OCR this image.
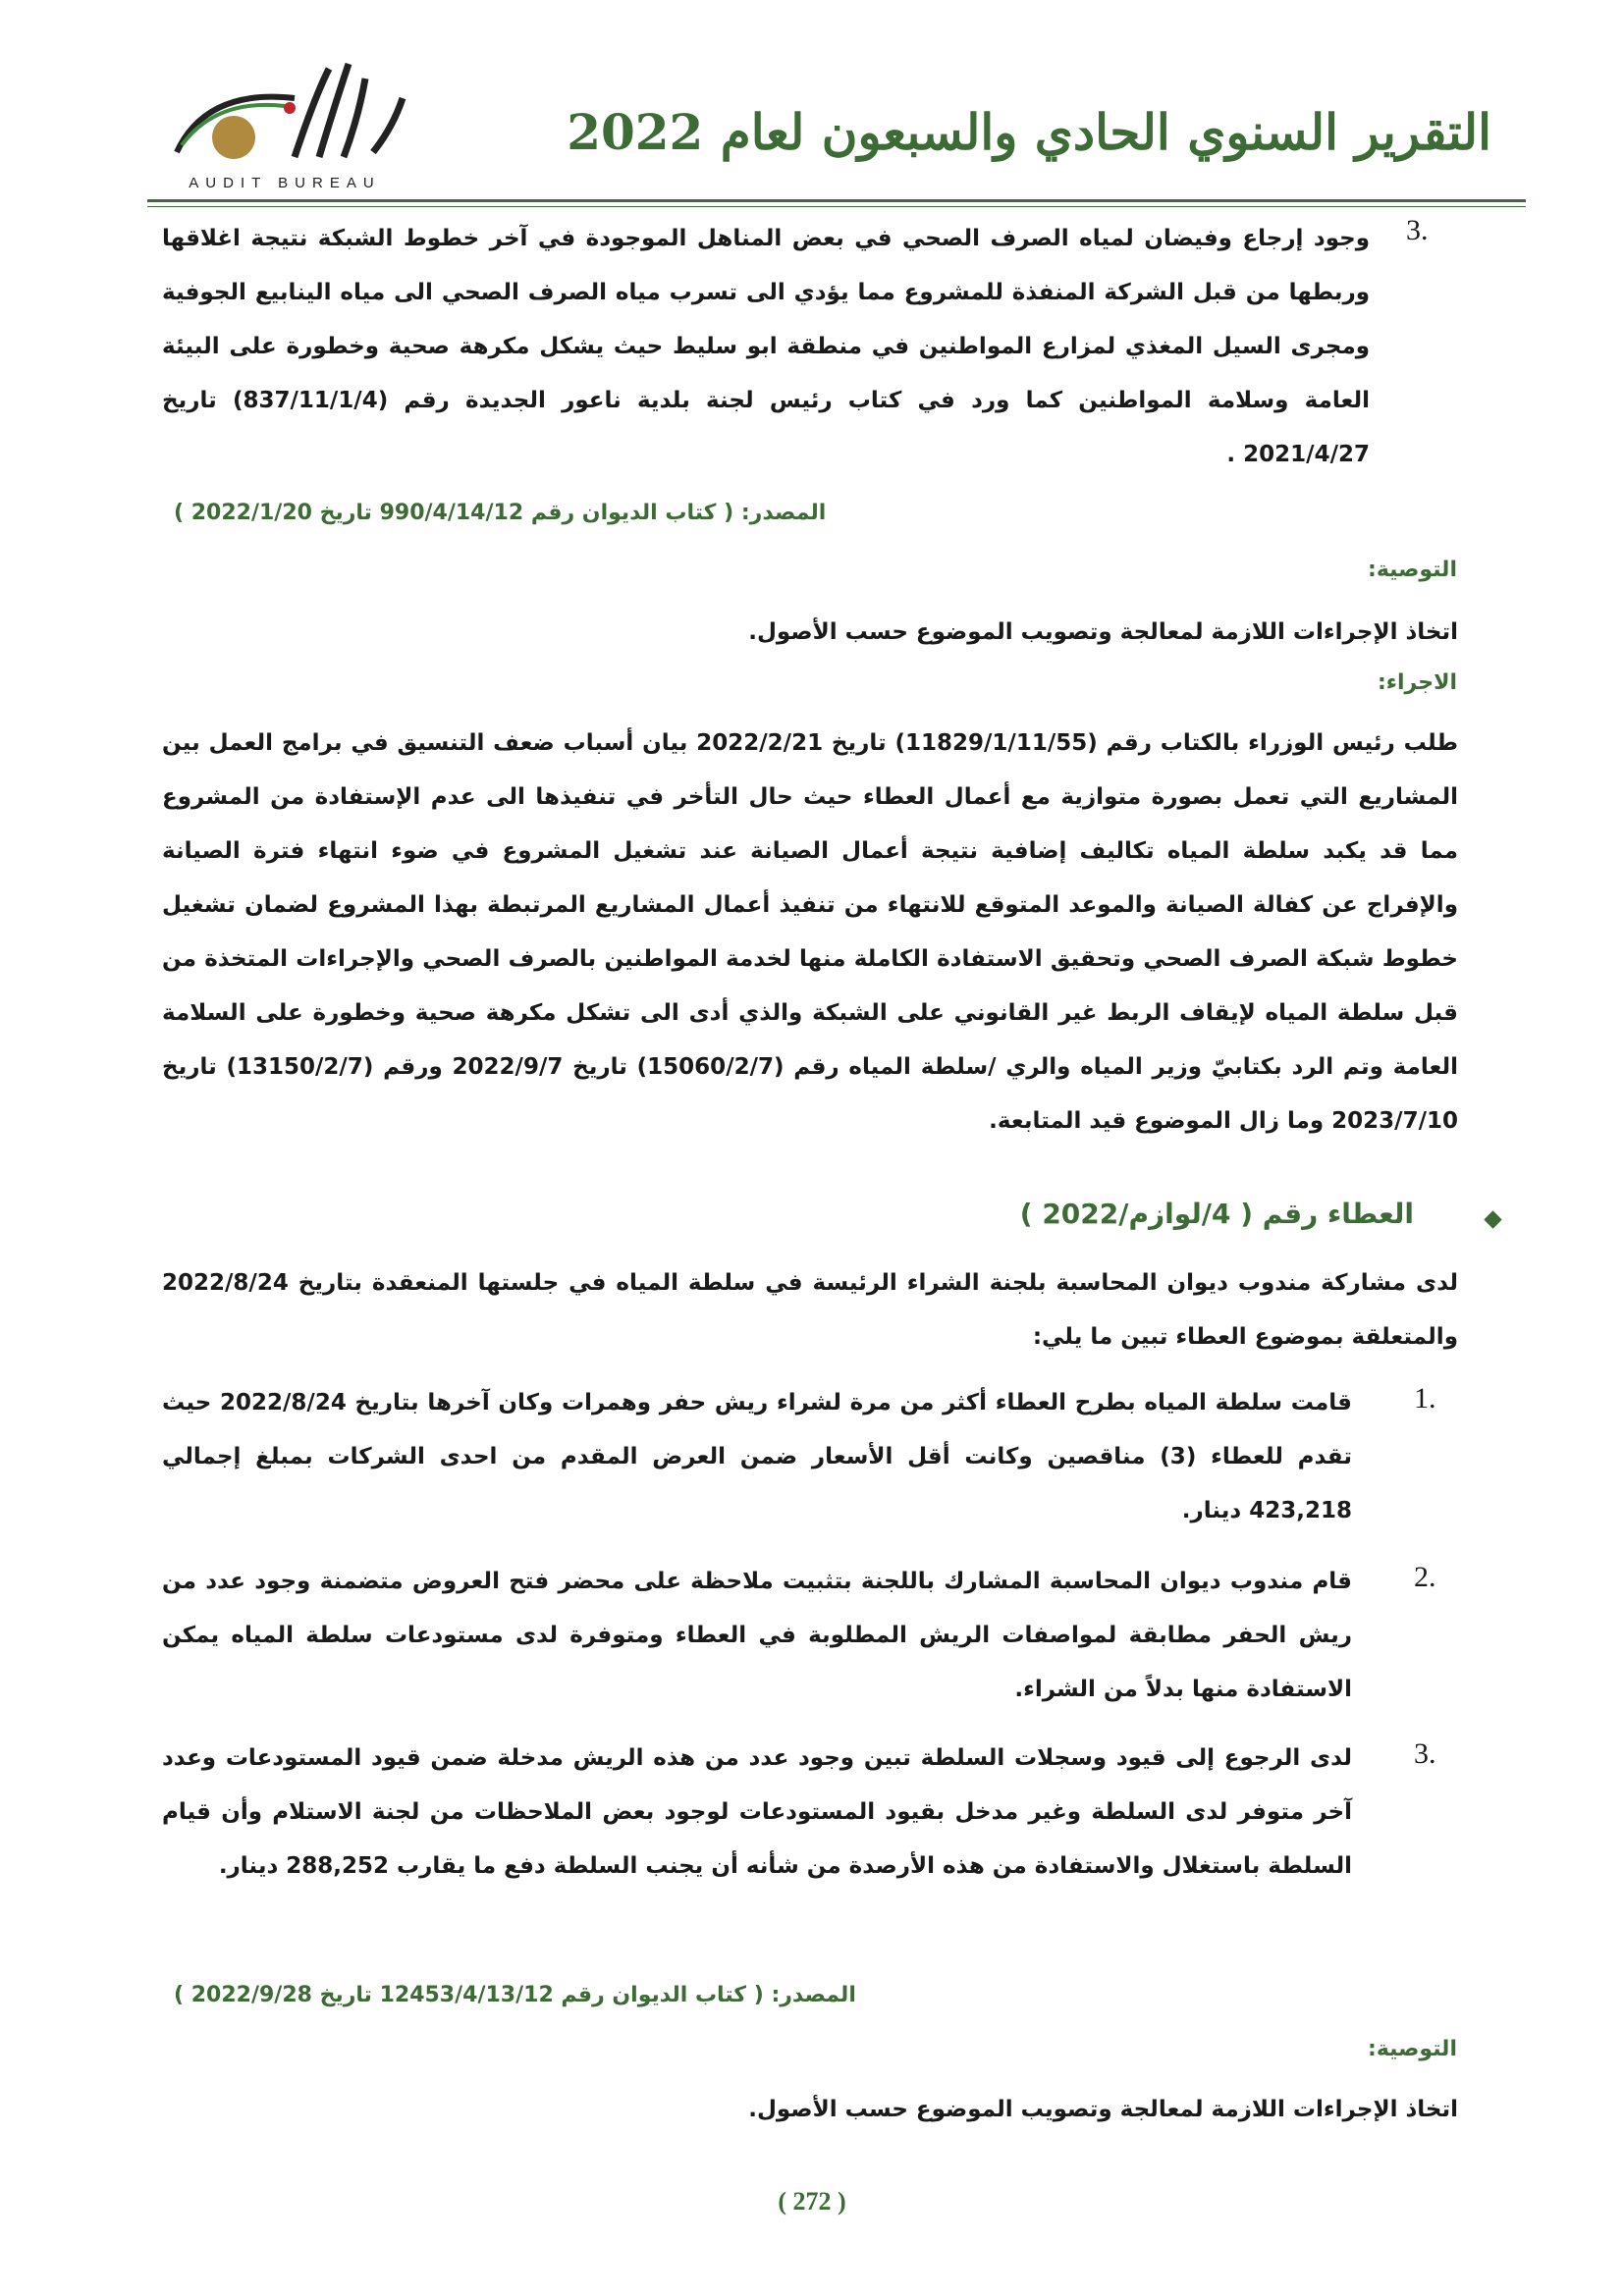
AUDIT BUREAU
التقرير السنوي الحادي والسبعون لعام 2022
3.
وجود إرجاع وفيضان لمياه الصرف الصحي في بعض المناهل الموجودة في آخر خطوط الشبكة نتيجة اغلاقها وربطها من قبل الشركة المنفذة للمشروع مما يؤدي الى تسرب مياه الصرف الصحي الى مياه الينابيع الجوفية ومجرى السيل المغذي لمزارع المواطنين في منطقة ابو سليط حيث يشكل مكرهة صحية وخطورة على البيئة العامة وسلامة المواطنين كما ورد في كتاب رئيس لجنة بلدية ناعور الجديدة رقم (837/11/1/4) تاريخ 2021/4/27 .
المصدر: ( كتاب الديوان رقم 990/4/14/12 تاريخ 2022/1/20 )
التوصية:
اتخاذ الإجراءات اللازمة لمعالجة وتصويب الموضوع حسب الأصول.
الاجراء:
طلب رئيس الوزراء بالكتاب رقم (11829/1/11/55) تاريخ 2022/2/21 بيان أسباب ضعف التنسيق في برامج العمل بين المشاريع التي تعمل بصورة متوازية مع أعمال العطاء حيث حال التأخر في تنفيذها الى عدم الإستفادة من المشروع مما قد يكبد سلطة المياه تكاليف إضافية نتيجة أعمال الصيانة عند تشغيل المشروع في ضوء انتهاء فترة الصيانة والإفراج عن كفالة الصيانة والموعد المتوقع للانتهاء من تنفيذ أعمال المشاريع المرتبطة بهذا المشروع لضمان تشغيل خطوط شبكة الصرف الصحي وتحقيق الاستفادة الكاملة منها لخدمة المواطنين بالصرف الصحي والإجراءات المتخذة من قبل سلطة المياه لإيقاف الربط غير القانوني على الشبكة والذي أدى الى تشكل مكرهة صحية وخطورة على السلامة العامة وتم الرد بكتابيّ وزير المياه والري /سلطة المياه رقم (15060/2/7) تاريخ 2022/9/7 ورقم (13150/2/7) تاريخ 2023/7/10 وما زال الموضوع قيد المتابعة.
العطاء رقم ( 4/لوازم/2022 )
لدى مشاركة مندوب ديوان المحاسبة بلجنة الشراء الرئيسة في سلطة المياه في جلستها المنعقدة بتاريخ 2022/8/24 والمتعلقة بموضوع العطاء تبين ما يلي:
1.
قامت سلطة المياه بطرح العطاء أكثر من مرة لشراء ريش حفر وهمرات وكان آخرها بتاريخ 2022/8/24 حيث تقدم للعطاء (3) مناقصين وكانت أقل الأسعار ضمن العرض المقدم من احدى الشركات بمبلغ إجمالي 423,218 دينار.
2.
قام مندوب ديوان المحاسبة المشارك باللجنة بتثبيت ملاحظة على محضر فتح العروض متضمنة وجود عدد من ريش الحفر مطابقة لمواصفات الريش المطلوبة في العطاء ومتوفرة لدى مستودعات سلطة المياه يمكن الاستفادة منها بدلاً من الشراء.
3.
لدى الرجوع إلى قيود وسجلات السلطة تبين وجود عدد من هذه الريش مدخلة ضمن قيود المستودعات وعدد آخر متوفر لدى السلطة وغير مدخل بقيود المستودعات لوجود بعض الملاحظات من لجنة الاستلام وأن قيام السلطة باستغلال والاستفادة من هذه الأرصدة من شأنه أن يجنب السلطة دفع ما يقارب 288,252 دينار.
المصدر: ( كتاب الديوان رقم 12453/4/13/12 تاريخ 2022/9/28 )
التوصية:
اتخاذ الإجراءات اللازمة لمعالجة وتصويب الموضوع حسب الأصول.
( 272 )
